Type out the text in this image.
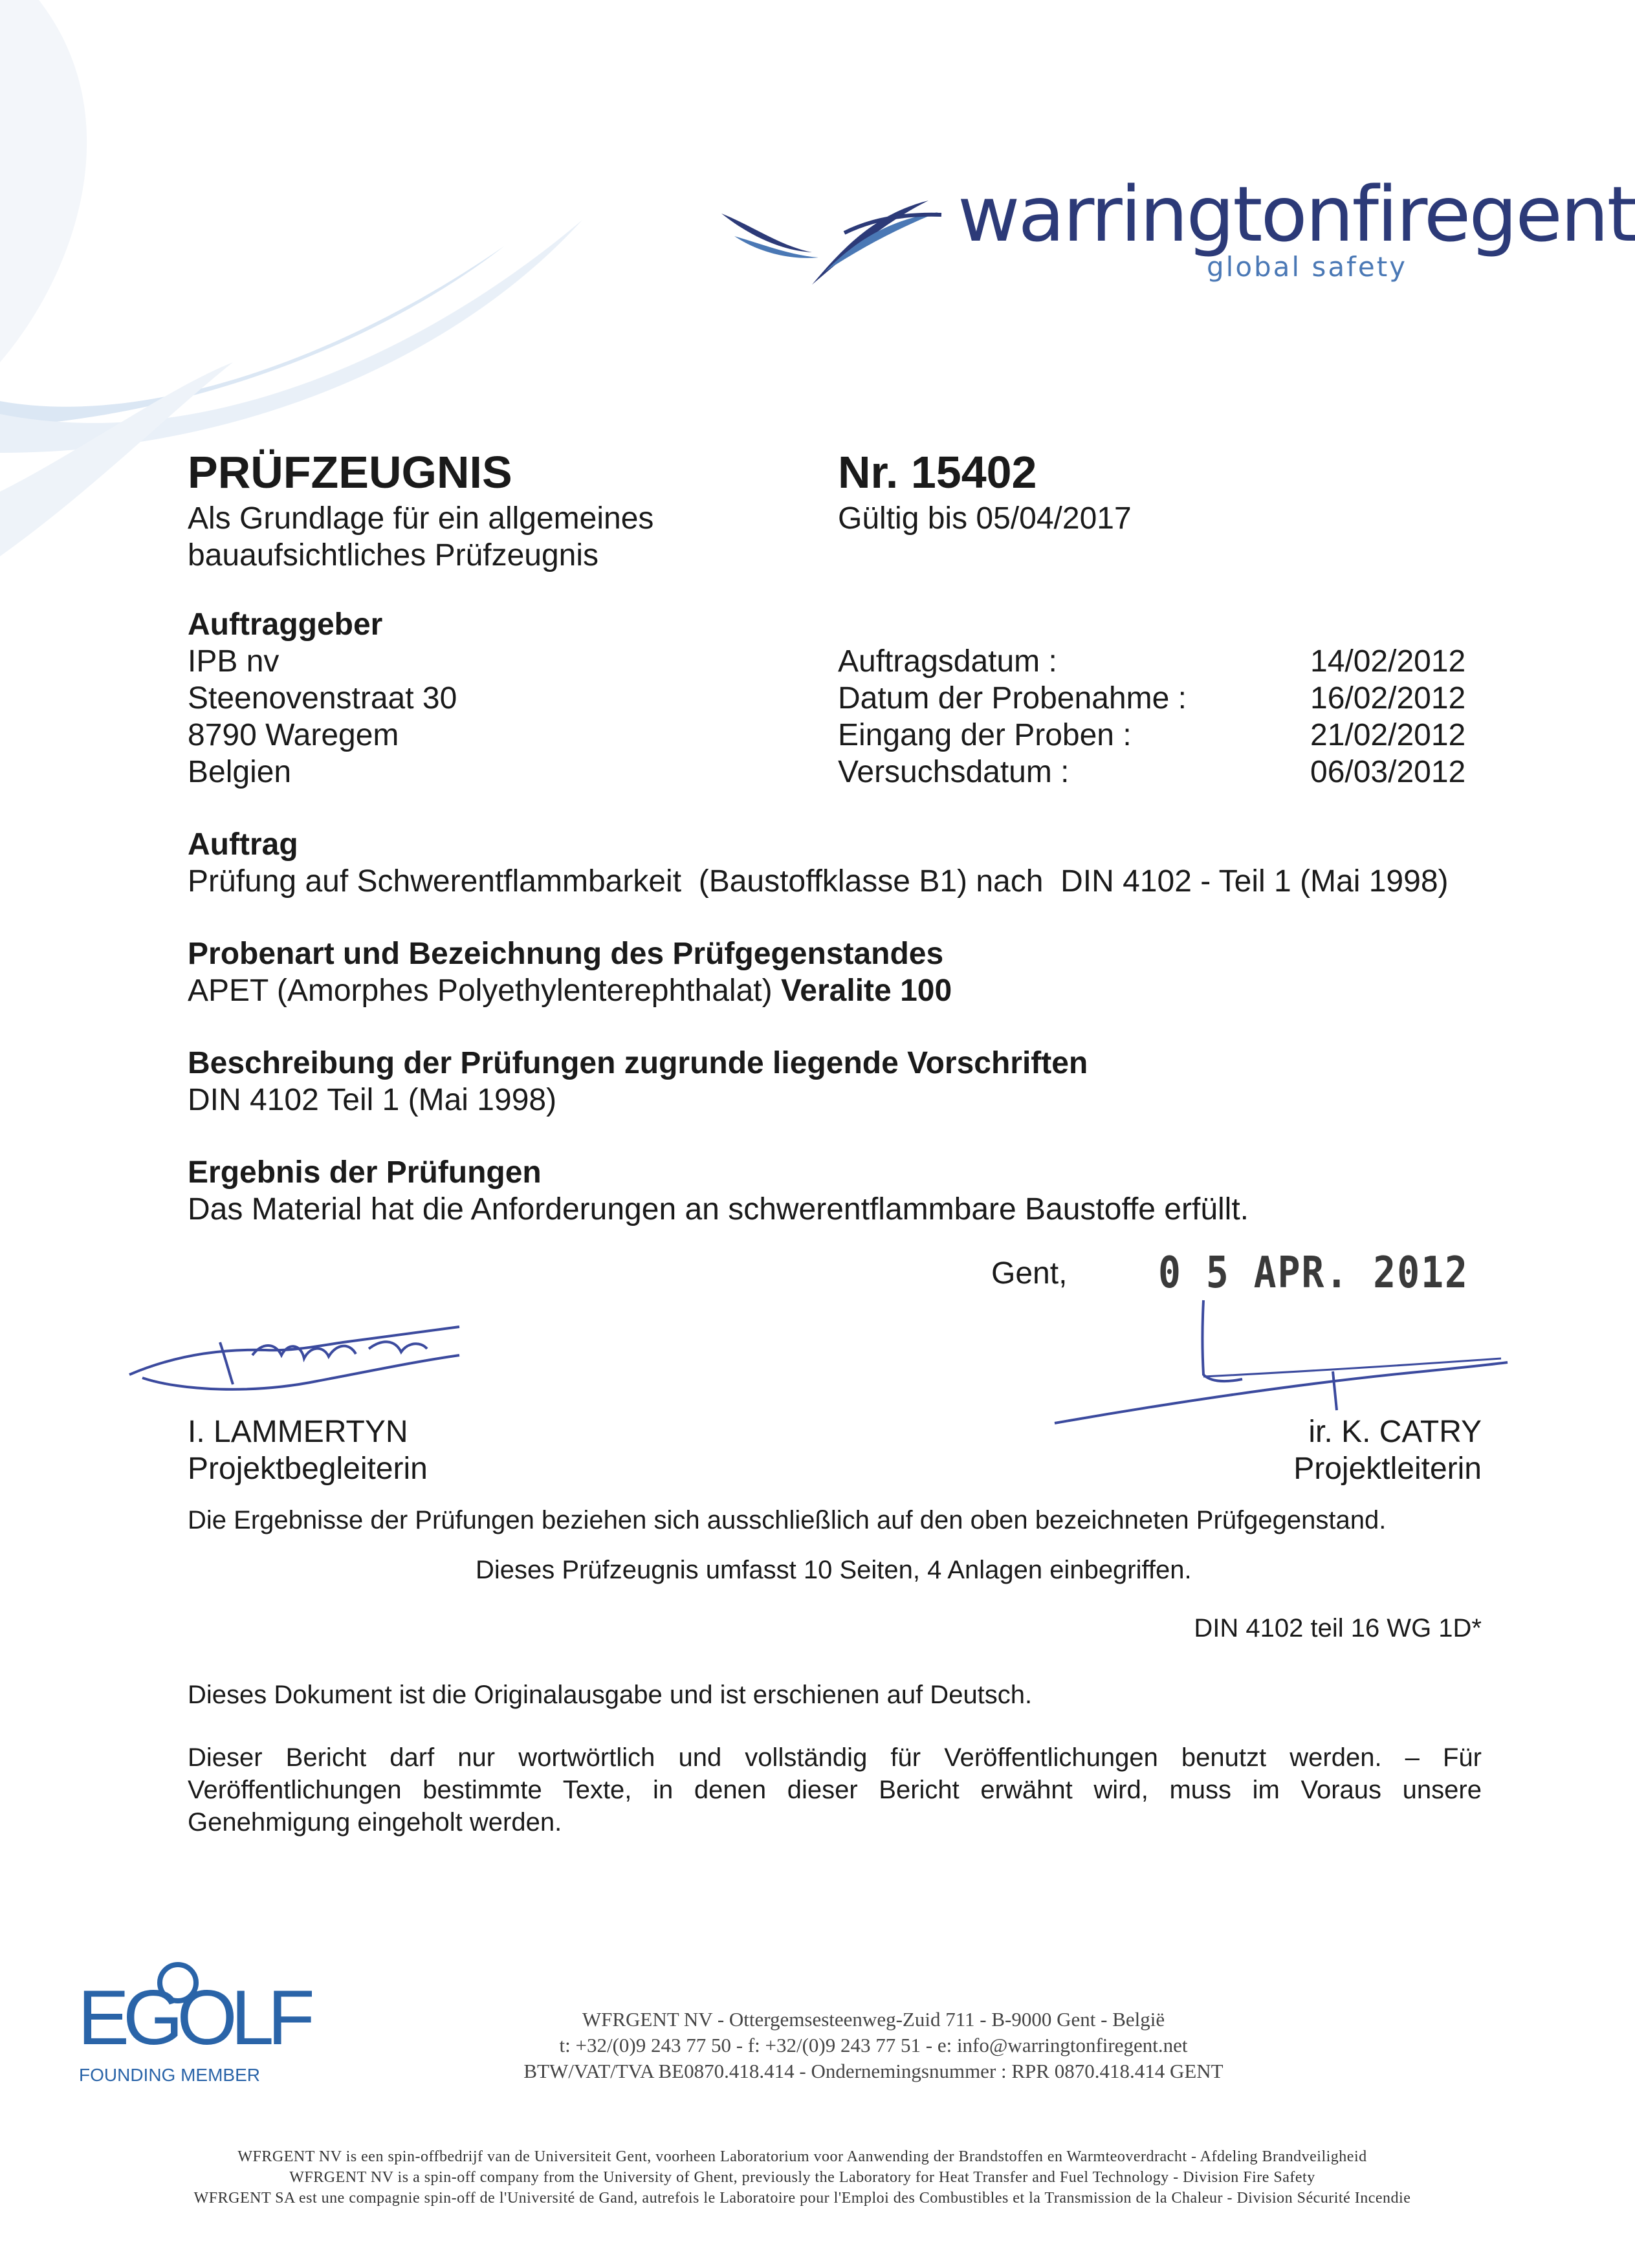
warringtonfiregent
global safety
PRÜFZEUGNIS
Als Grundlage für ein allgemeines
bauaufsichtliches Prüfzeugnis
Nr. 15402
Gültig bis 05/04/2017
Auftraggeber
IPB nv
Steenovenstraat 30
8790 Waregem
Belgien
Auftragsdatum :	14/02/2012
Datum der Probenahme :	16/02/2012
Eingang der Proben :	21/02/2012
Versuchsdatum :	06/03/2012
Auftrag
Prüfung auf Schwerentflammbarkeit  (Baustoffklasse B1) nach  DIN 4102 - Teil 1 (Mai 1998)
Probenart und Bezeichnung des Prüfgegenstandes
APET (Amorphes Polyethylenterephthalat) Veralite 100
Beschreibung der Prüfungen zugrunde liegende Vorschriften
DIN 4102 Teil 1 (Mai 1998)
Ergebnis der Prüfungen
Das Material hat die Anforderungen an schwerentflammbare Baustoffe erfüllt.
Gent, 0 5 APR. 2012
I. LAMMERTYN
Projektbegleiterin
ir. K. CATRY
Projektleiterin
Die Ergebnisse der Prüfungen beziehen sich ausschließlich auf den oben bezeichneten Prüfgegenstand.
Dieses Prüfzeugnis umfasst 10 Seiten, 4 Anlagen einbegriffen.
DIN 4102 teil 16 WG 1D*
Dieses Dokument ist die Originalausgabe und ist erschienen auf Deutsch.
Dieser Bericht darf nur wortwörtlich und vollständig für Veröffentlichungen benutzt werden. – Für Veröffentlichungen bestimmte Texte, in denen dieser Bericht erwähnt wird, muss im Voraus unsere Genehmigung eingeholt werden.
EGOLF
FOUNDING MEMBER
WFRGENT NV - Ottergemsesteenweg-Zuid 711 - B-9000 Gent - België
t: +32/(0)9 243 77 50 - f: +32/(0)9 243 77 51 - e: info@warringtonfiregent.net
BTW/VAT/TVA BE0870.418.414 - Ondernemingsnummer : RPR 0870.418.414 GENT
WFRGENT NV is een spin-offbedrijf van de Universiteit Gent, voorheen Laboratorium voor Aanwending der Brandstoffen en Warmteoverdracht - Afdeling Brandveiligheid
WFRGENT NV is a spin-off company from the University of Ghent, previously the Laboratory for Heat Transfer and Fuel Technology - Division Fire Safety
WFRGENT SA est une compagnie spin-off de l'Université de Gand, autrefois le Laboratoire pour l'Emploi des Combustibles et la Transmission de la Chaleur - Division Sécurité Incendie
